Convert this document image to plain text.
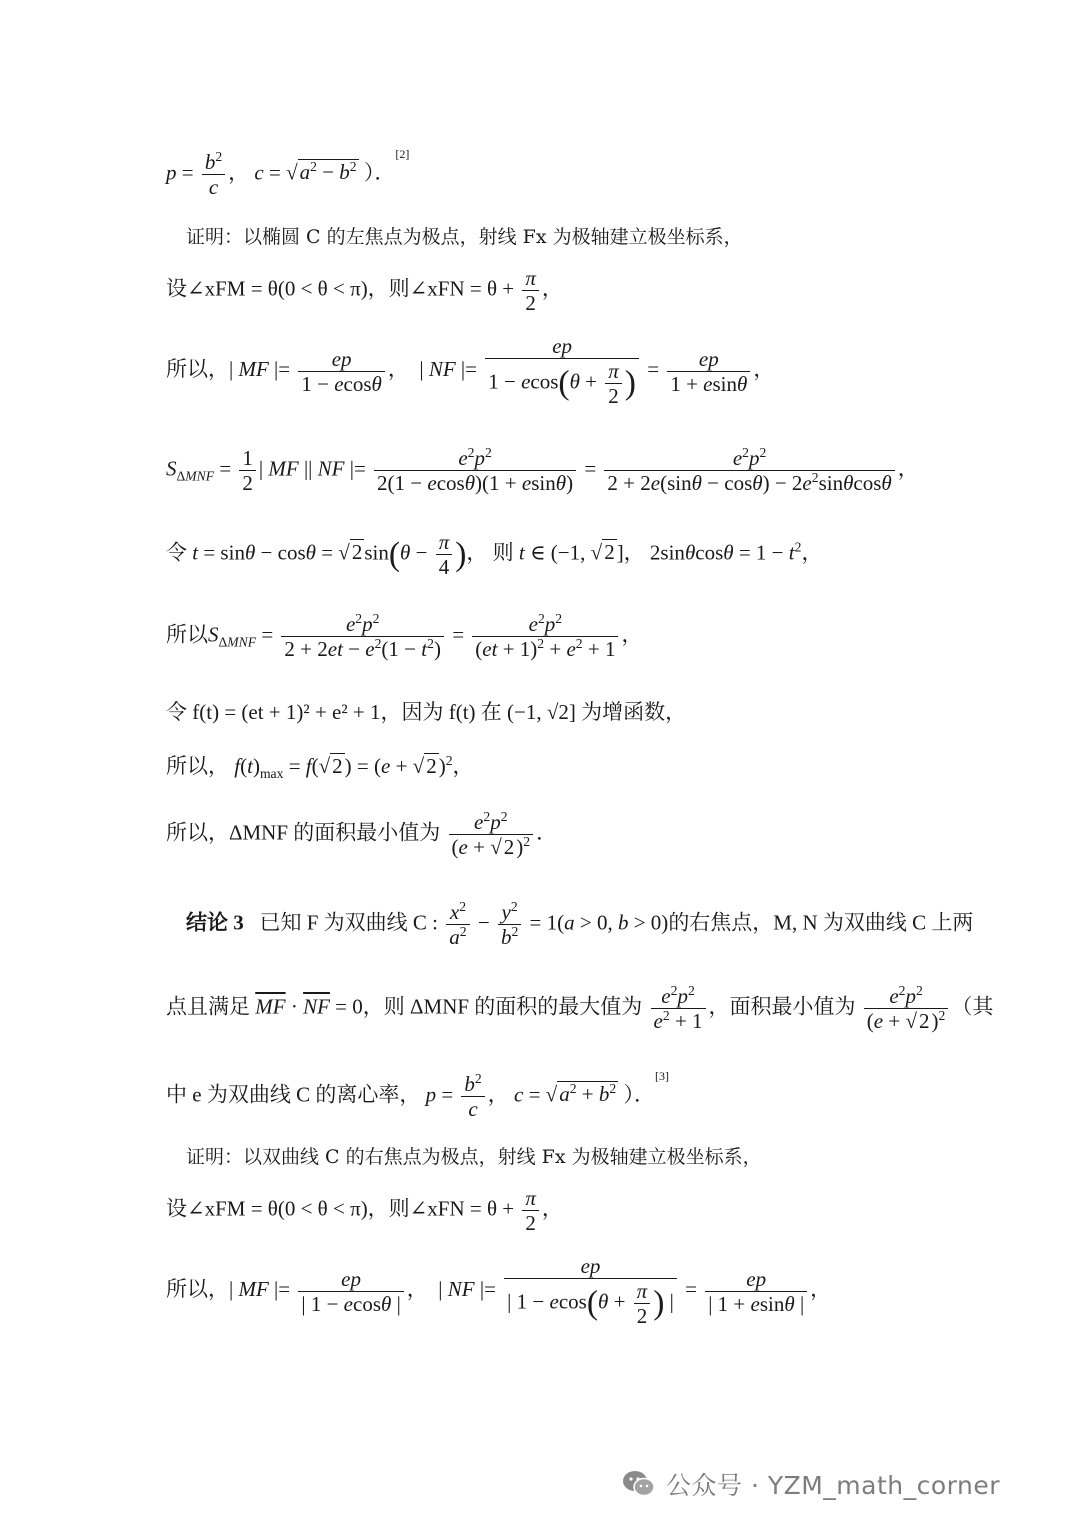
$p = \frac{b^2}{c}$ ， $c = √a^2 - b^2$ ）．[2]
证明：以椭圆 C 的左焦点为极点，射线 Fx 为极轴建立极坐标系，
设∠xFM = θ(0 < θ < π)，则∠xFN = $\theta + \frac{\pi}{2}$ ，
所以，| MF |= $\frac{ep}{1 - ecos\theta}$ ，  | NF |= $\frac{ep}{1 - ecos(\theta + \frac{\pi}{2} )} = \frac{ep}{1 + esin\theta}$ ，
$S_{\Delta MNF} = \frac{1}{2}$ | MF || NF |= $\frac{e^2p^2}{2(1 - ecos\theta)(1 + esin\theta)} = \frac{e^2p^2}{2 + 2e(\sin\theta - \cos\theta) - 2e^2\sin\theta\cos\theta}$ ，
令 $t = \sin\theta - \cos\theta = √2\sin(\theta - \frac{\pi}{4}$ )， 则 t ∈ (−1, √2]， $2\sin\theta\cos\theta = 1 - t^2$，
所以$S_{\Delta MNF} = \frac{e^2p^2}{2 + 2et - e^2(1 - t^2)} = \frac{e^2p^2}{(et + 1)^2 + e^2 + 1}$ ，
令 f(t) = (et + 1)² + e² + 1，因为 f(t) 在 (−1, √2] 为增函数，
所以， $f(t)_{max} = f(√2) = (e + √2)^2$，
所以，ΔMNF 的面积最小值为 $\frac{e^2p^2}{(e + √2)^2}$ ．
结论 3 已知 F 为双曲线 C : $\frac{x^2}{a^2} - \frac{y^2}{b^2} = 1(a > 0$, b > 0)的右焦点，M, N 为双曲线 C 上两
点且满足 $\overline{MF} \cdot \overline{NF} = 0$，则 ΔMNF 的面积的最大值为 $\frac{e^2p^2}{e^2 + 1}$ ，面积最小值为 $\frac{e^2p^2}{(e + √2)^2}$ （其
中 e 为双曲线 C 的离心率， $p = \frac{b^2}{c}$ ， $c = √a^2 + b^2$ ）．[3]
证明：以双曲线 C 的右焦点为极点，射线 Fx 为极轴建立极坐标系，
设∠xFM = θ(0 < θ < π)，则∠xFN = $\theta + \frac{\pi}{2}$ ，
所以，| MF |= $\frac{ep}{| 1 - ecos\theta |}$ ，  | NF |= $\frac{ep}{| 1 - ecos(\theta + \frac{\pi}{2} ) |} = \frac{ep}{| 1 + esin\theta |}$ ，
公众号 · YZM_math_corner
